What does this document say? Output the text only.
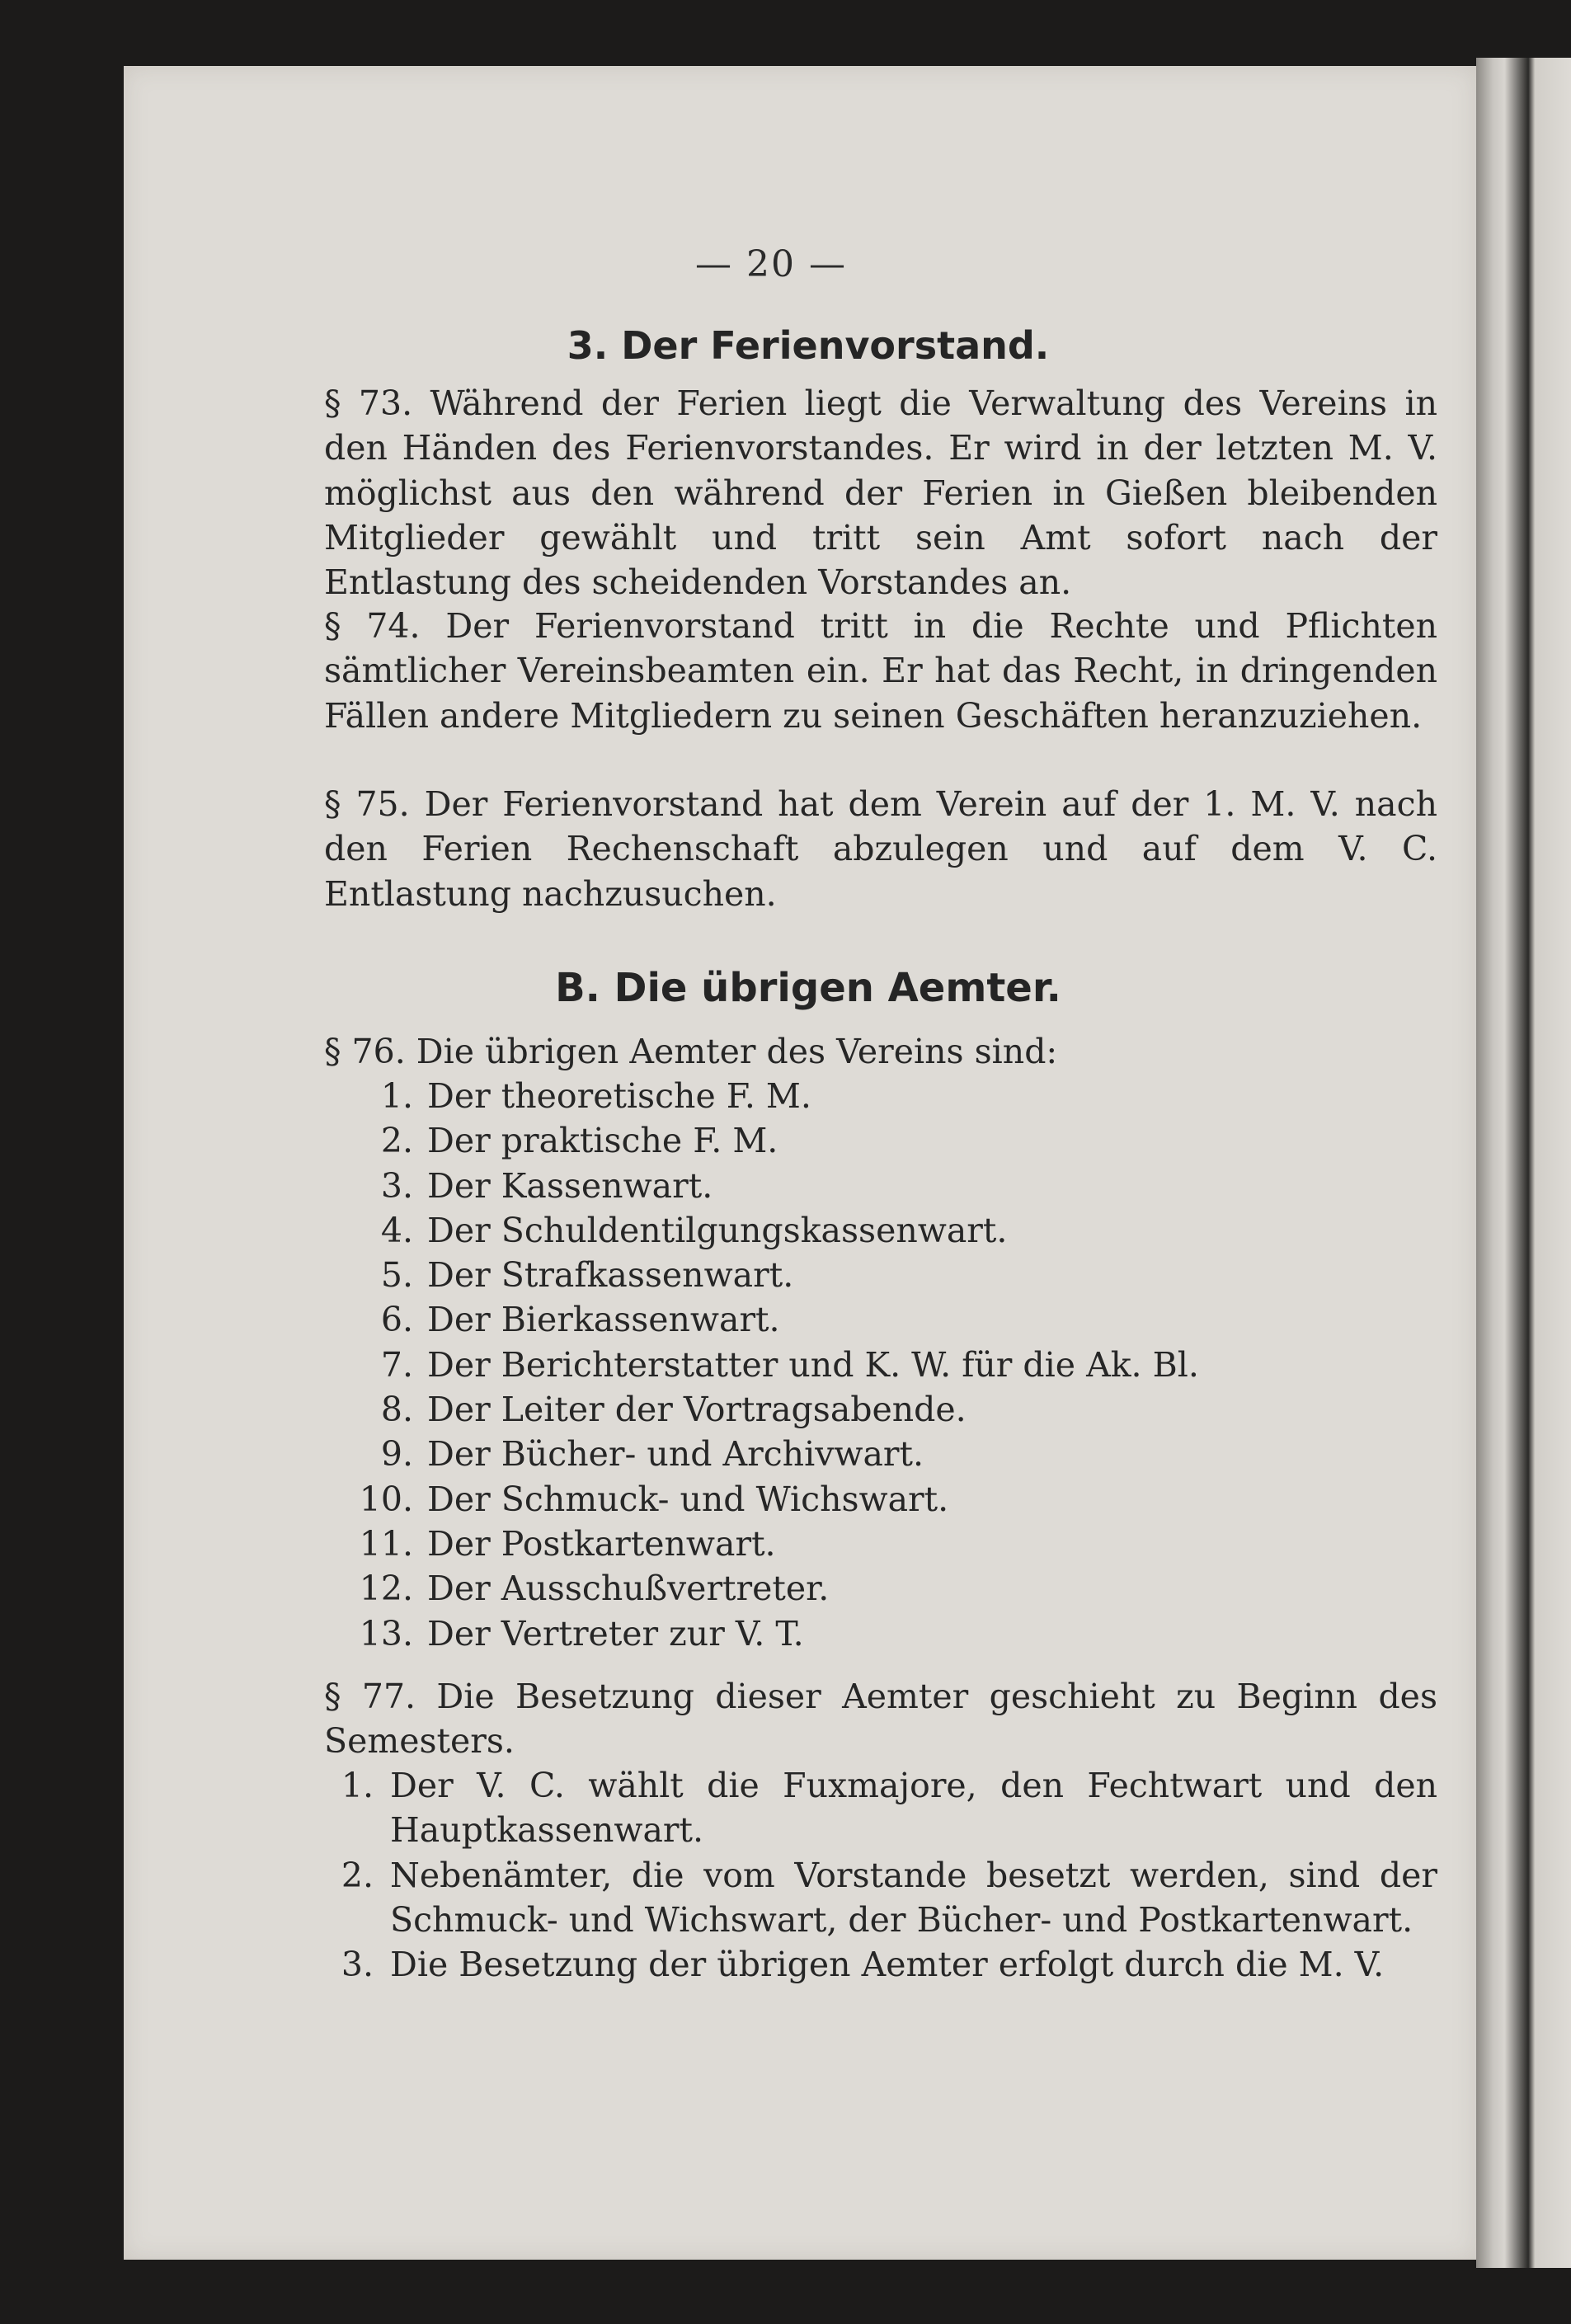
— 20 —
3. Der Ferienvorstand.

§ 73. Während der Ferien liegt die Verwaltung des Vereins in den Händen des Ferienvorstandes. Er wird in der letzten M. V. möglichst aus den während der Ferien in Gießen bleibenden Mitglieder gewählt und tritt sein Amt sofort nach der Entlastung des scheidenden Vorstandes an.

§ 74. Der Ferienvorstand tritt in die Rechte und Pflichten sämtlicher Vereinsbeamten ein. Er hat das Recht, in dringenden Fällen andere Mitgliedern zu seinen Geschäften heranzuziehen.

§ 75. Der Ferienvorstand hat dem Verein auf der 1. M. V. nach den Ferien Rechenschaft abzulegen und auf dem V. C. Entlastung nachzusuchen.

B. Die übrigen Aemter.

§ 76. Die übrigen Aemter des Vereins sind:

1. Der theoretische F. M.
2. Der praktische F. M.
3. Der Kassenwart.
4. Der Schuldentilgungskassenwart.
5. Der Strafkassenwart.
6. Der Bierkassenwart.
7. Der Berichterstatter und K. W. für die Ak. Bl.
8. Der Leiter der Vortragsabende.
9. Der Bücher- und Archivwart.
10. Der Schmuck- und Wichswart.
11. Der Postkartenwart.
12. Der Ausschußvertreter.
13. Der Vertreter zur V. T.

§ 77. Die Besetzung dieser Aemter geschieht zu Beginn des Semesters.

1. Der V. C. wählt die Fuxmajore, den Fechtwart und den Hauptkassenwart.
2. Nebenämter, die vom Vorstande besetzt werden, sind der Schmuck- und Wichswart, der Bücher- und Postkartenwart.
3. Die Besetzung der übrigen Aemter erfolgt durch die M. V.
